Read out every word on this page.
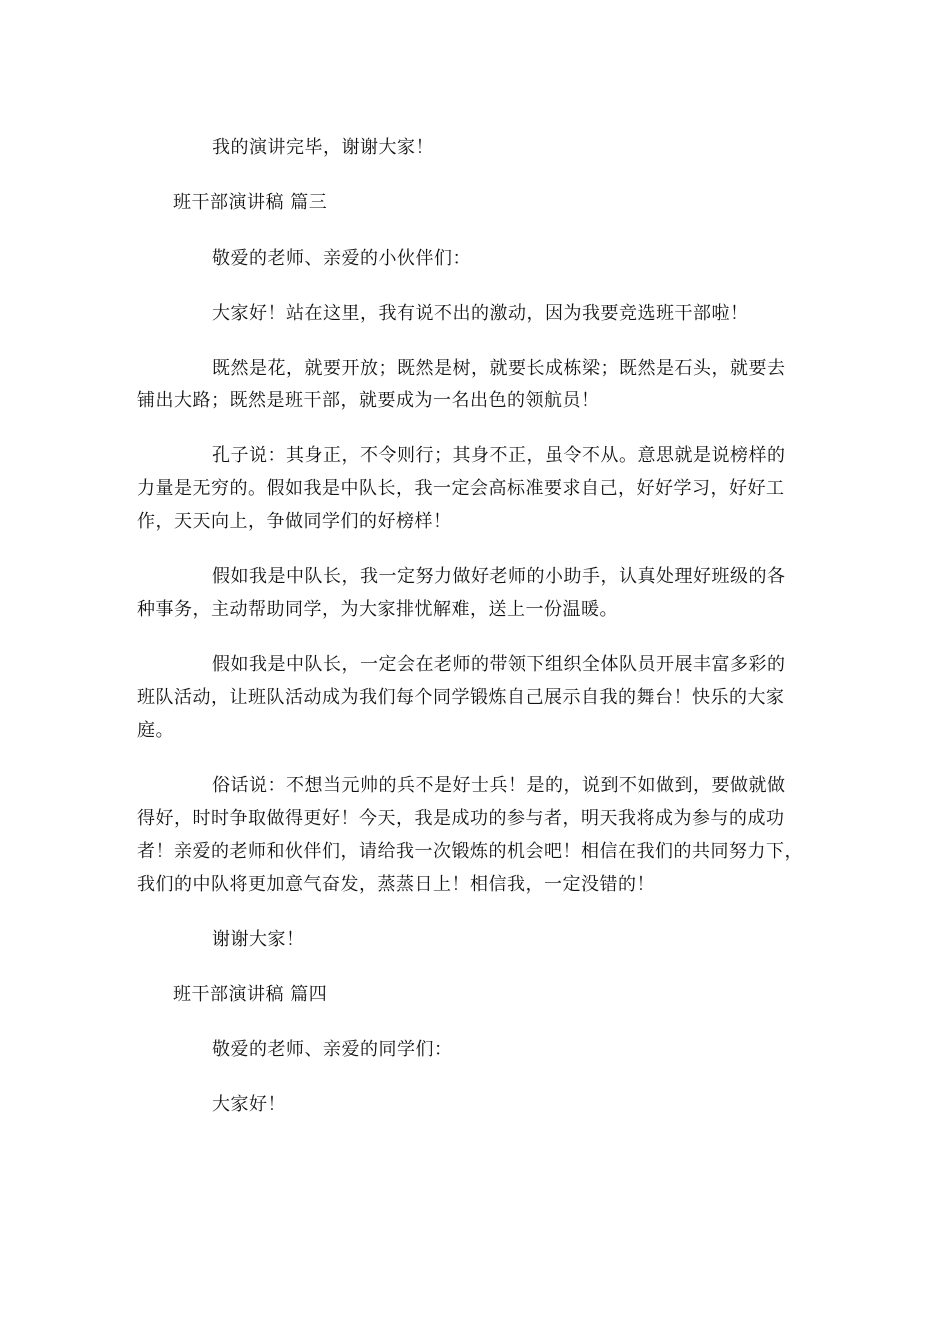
我的演讲完毕，谢谢大家！
班干部演讲稿 篇三
敬爱的老师、亲爱的小伙伴们：
大家好！站在这里，我有说不出的激动，因为我要竞选班干部啦！
既然是花，就要开放；既然是树，就要长成栋梁；既然是石头，就要去
铺出大路；既然是班干部，就要成为一名出色的领航员！
孔子说：其身正，不令则行；其身不正，虽令不从。意思就是说榜样的
力量是无穷的。假如我是中队长，我一定会高标准要求自己，好好学习，好好工
作，天天向上，争做同学们的好榜样！
假如我是中队长，我一定努力做好老师的小助手，认真处理好班级的各
种事务，主动帮助同学，为大家排忧解难，送上一份温暖。
假如我是中队长，一定会在老师的带领下组织全体队员开展丰富多彩的
班队活动，让班队活动成为我们每个同学锻炼自己展示自我的舞台！快乐的大家
庭。
俗话说：不想当元帅的兵不是好士兵！是的，说到不如做到，要做就做
得好，时时争取做得更好！今天，我是成功的参与者，明天我将成为参与的成功
者！亲爱的老师和伙伴们，请给我一次锻炼的机会吧！相信在我们的共同努力下，
我们的中队将更加意气奋发，蒸蒸日上！相信我，一定没错的！
谢谢大家！
班干部演讲稿 篇四
敬爱的老师、亲爱的同学们：
大家好！
